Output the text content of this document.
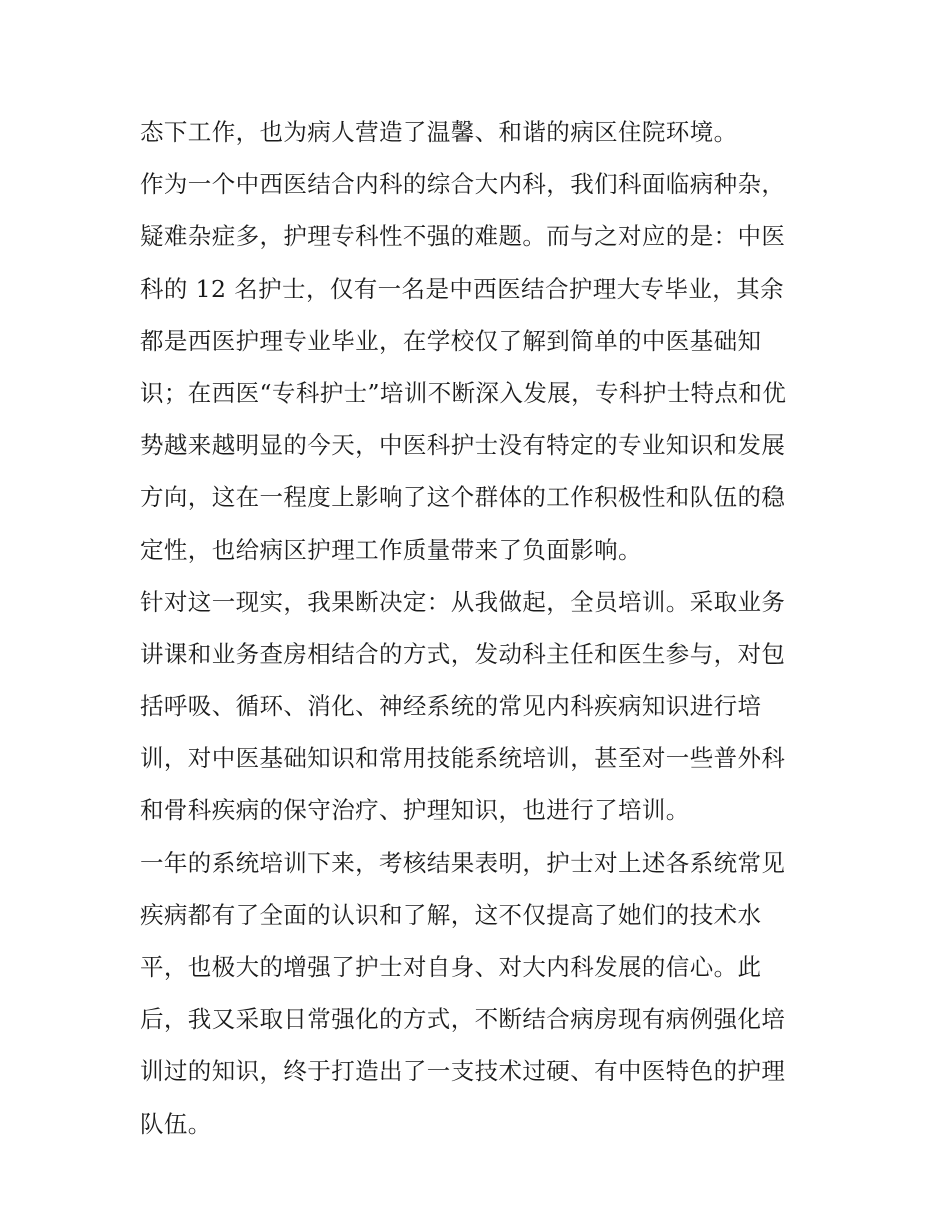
态下工作，也为病人营造了温馨、和谐的病区住院环境。
作为一个中西医结合内科的综合大内科，我们科面临病种杂，
疑难杂症多，护理专科性不强的难题。而与之对应的是：中医
科的 12 名护士，仅有一名是中西医结合护理大专毕业，其余
都是西医护理专业毕业，在学校仅了解到简单的中医基础知
识；在西医“专科护士”培训不断深入发展，专科护士特点和优
势越来越明显的今天，中医科护士没有特定的专业知识和发展
方向，这在一程度上影响了这个群体的工作积极性和队伍的稳
定性，也给病区护理工作质量带来了负面影响。
针对这一现实，我果断决定：从我做起，全员培训。采取业务
讲课和业务查房相结合的方式，发动科主任和医生参与，对包
括呼吸、循环、消化、神经系统的常见内科疾病知识进行培
训，对中医基础知识和常用技能系统培训，甚至对一些普外科
和骨科疾病的保守治疗、护理知识，也进行了培训。
一年的系统培训下来，考核结果表明，护士对上述各系统常见
疾病都有了全面的认识和了解，这不仅提高了她们的技术水
平，也极大的增强了护士对自身、对大内科发展的信心。此
后，我又采取日常强化的方式，不断结合病房现有病例强化培
训过的知识，终于打造出了一支技术过硬、有中医特色的护理
队伍。
